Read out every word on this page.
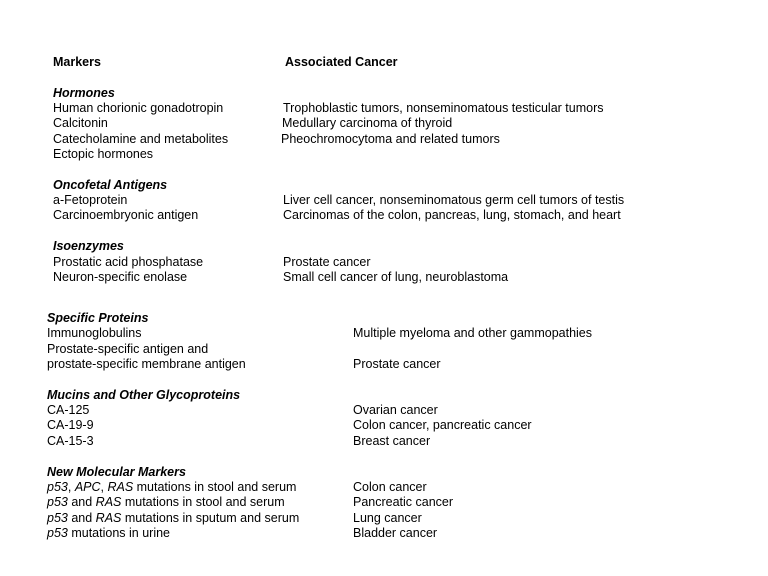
Markers	Associated Cancer
Hormones
Human chorionic gonadotropin	Trophoblastic tumors, nonseminomatous testicular tumors
Calcitonin	Medullary carcinoma of thyroid
Catecholamine and metabolites	Pheochromocytoma and related tumors
Ectopic hormones
Oncofetal Antigens
a-Fetoprotein	Liver cell cancer, nonseminomatous germ cell tumors of testis
Carcinoembryonic antigen	Carcinomas of the colon, pancreas, lung, stomach, and heart
Isoenzymes
Prostatic acid phosphatase	Prostate cancer
Neuron-specific enolase	Small cell cancer of lung, neuroblastoma
Specific Proteins
Immunoglobulins	Multiple myeloma and other gammopathies
Prostate-specific antigen and
prostate-specific membrane antigen	Prostate cancer
Mucins and Other Glycoproteins
CA-125	Ovarian cancer
CA-19-9	Colon cancer, pancreatic cancer
CA-15-3	Breast cancer
New Molecular Markers
p53, APC, RAS mutations in stool and serum	Colon cancer
p53 and RAS mutations in stool and serum	Pancreatic cancer
p53 and RAS mutations in sputum and serum	Lung cancer
p53 mutations in urine	Bladder cancer
